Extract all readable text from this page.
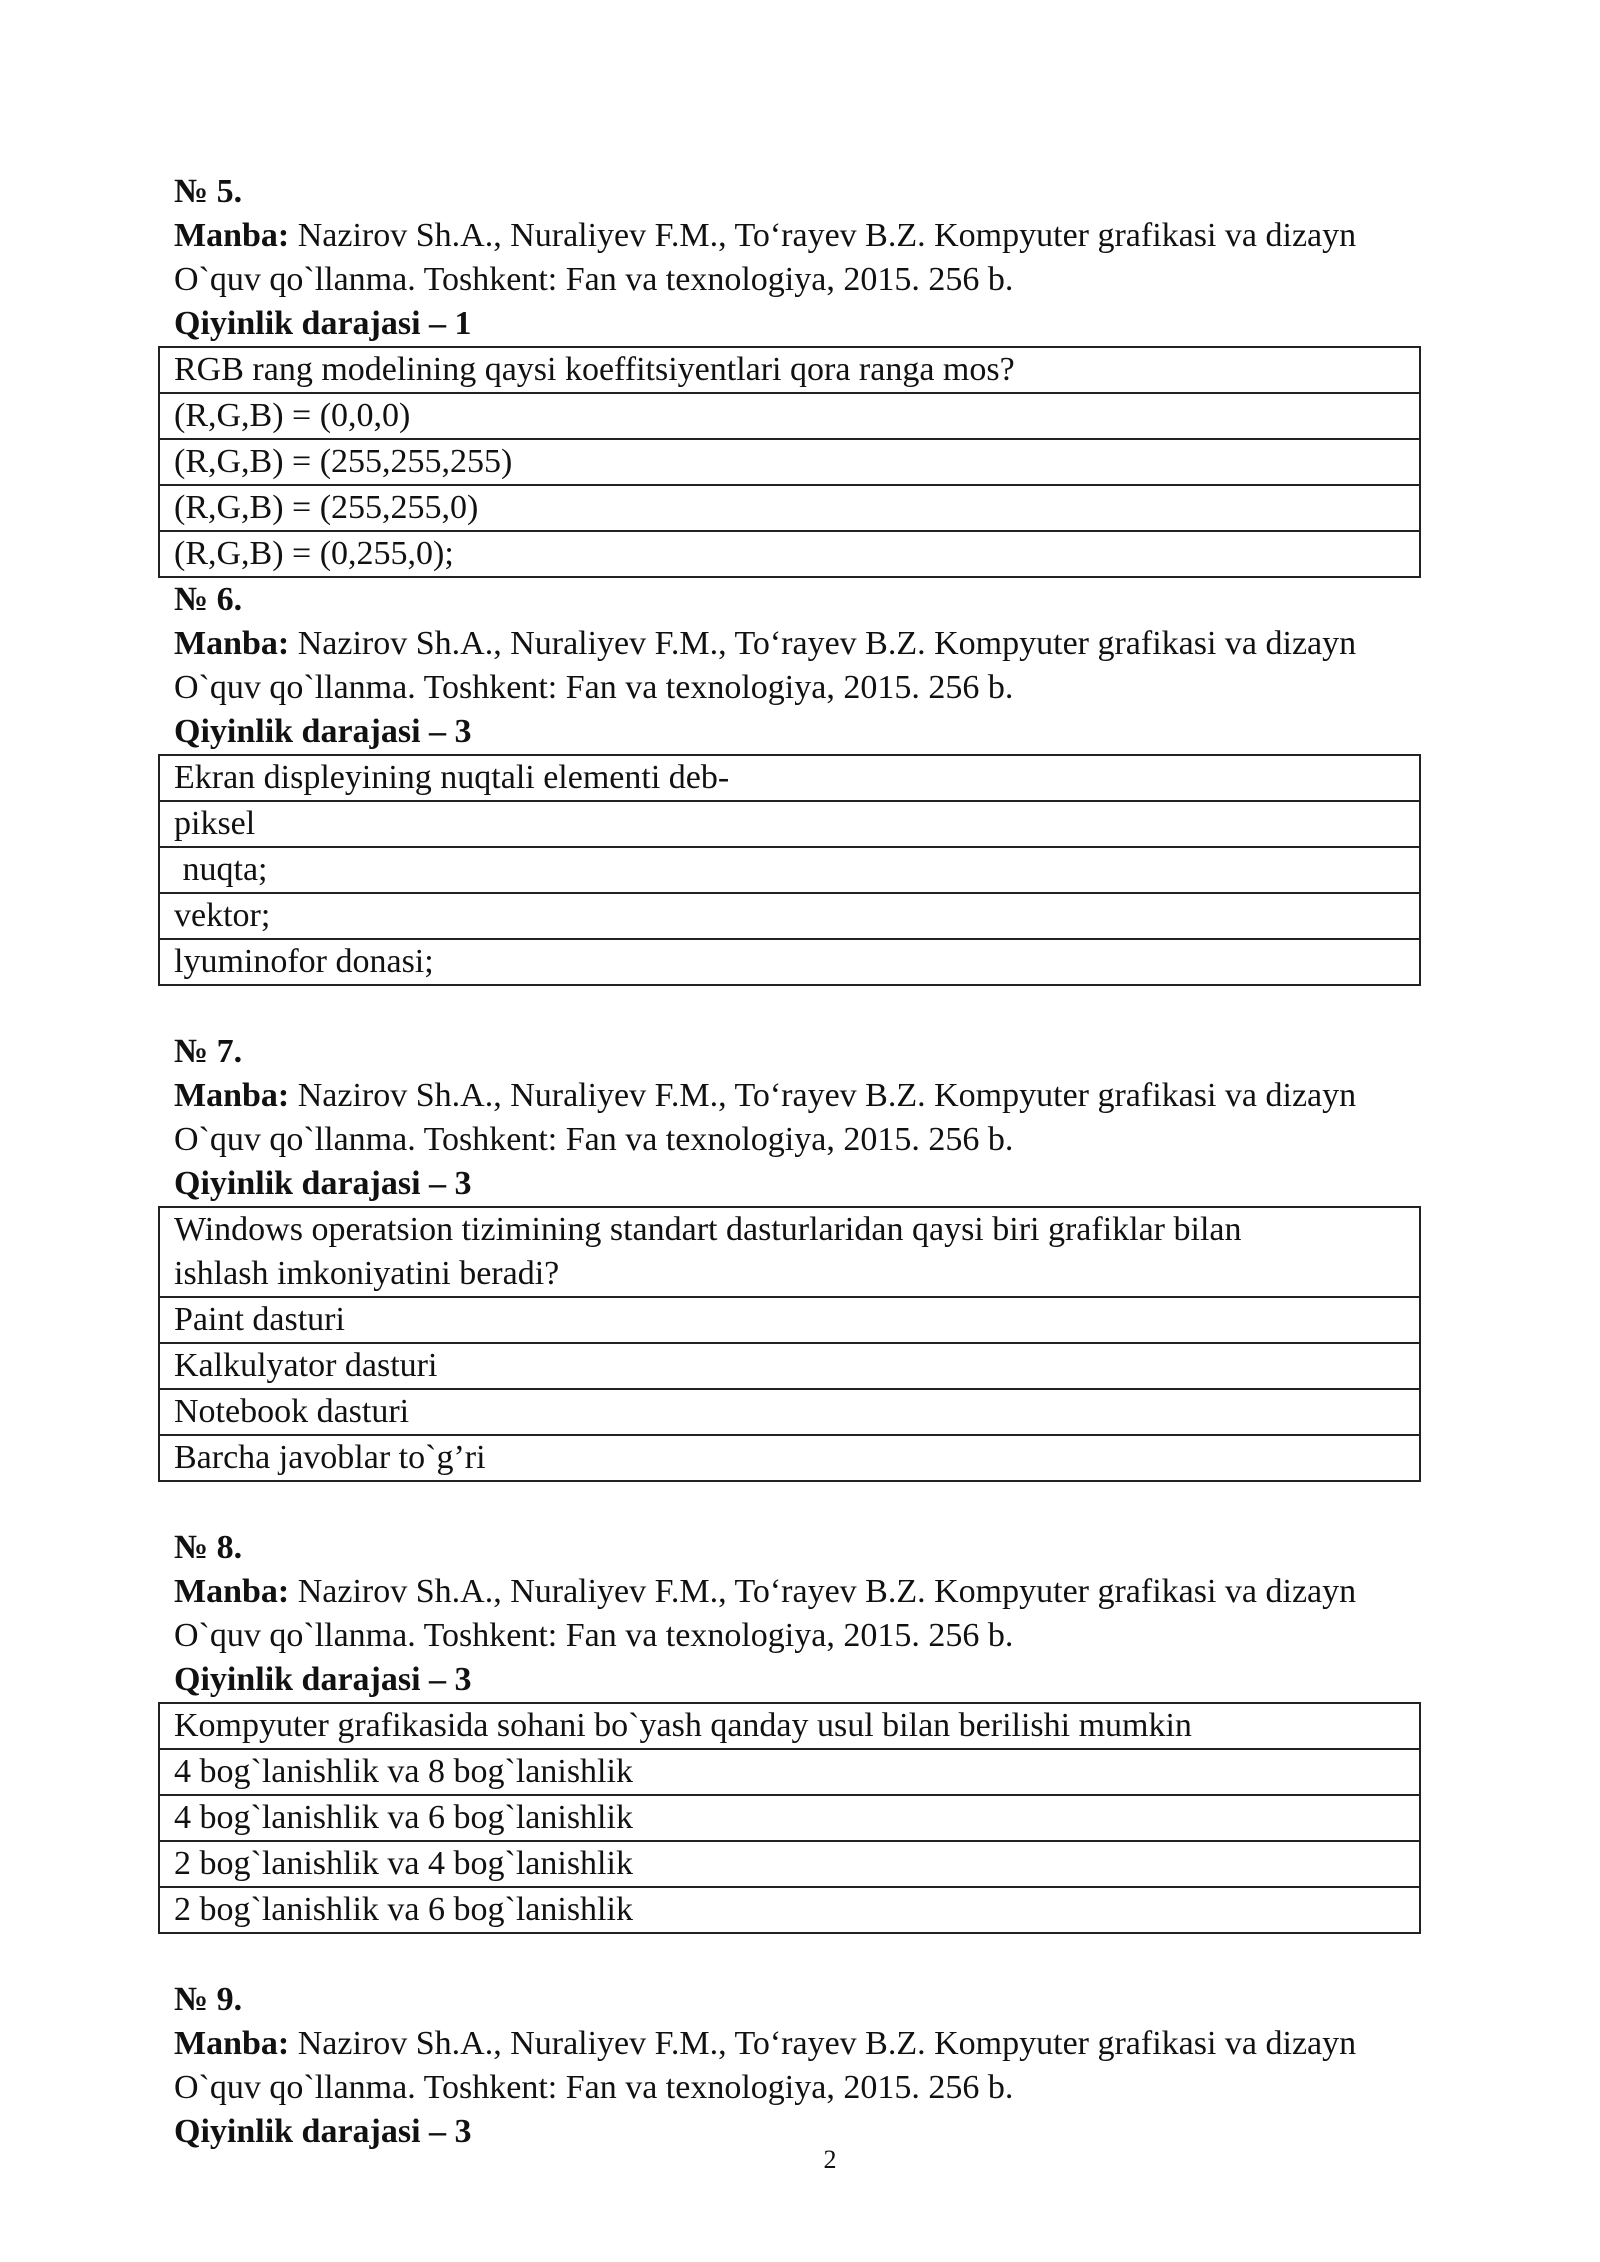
№ 5.
Manba: Nazirov Sh.A., Nuraliyev F.M., To‘rayev B.Z. Kompyuter grafikasi va dizayn
O`quv qo`llanma. Toshkent: Fan va texnologiya, 2015. 256 b.
Qiyinlik darajasi – 1
RGB rang modelining qaysi koeffitsiyentlari qora ranga mos?
(R,G,B) = (0,0,0)
(R,G,B) = (255,255,255)
(R,G,B) = (255,255,0)
(R,G,B) = (0,255,0);
№ 6.
Manba: Nazirov Sh.A., Nuraliyev F.M., To‘rayev B.Z. Kompyuter grafikasi va dizayn
O`quv qo`llanma. Toshkent: Fan va texnologiya, 2015. 256 b.
Qiyinlik darajasi – 3
Ekran displeyining nuqtali elementi deb-
piksel
nuqta;
vektor;
lyuminofor donasi;
№ 7.
Manba: Nazirov Sh.A., Nuraliyev F.M., To‘rayev B.Z. Kompyuter grafikasi va dizayn
O`quv qo`llanma. Toshkent: Fan va texnologiya, 2015. 256 b.
Qiyinlik darajasi – 3
Windows operatsion tizimining standart dasturlaridan qaysi biri grafiklar bilan
ishlash imkoniyatini beradi?

Paint dasturi
Kalkulyator dasturi
Notebook dasturi
Barcha javoblar to`g’ri
№ 8.
Manba: Nazirov Sh.A., Nuraliyev F.M., To‘rayev B.Z. Kompyuter grafikasi va dizayn
O`quv qo`llanma. Toshkent: Fan va texnologiya, 2015. 256 b.
Qiyinlik darajasi – 3
Kompyuter grafikasida sohani bo`yash qanday usul bilan berilishi mumkin
4 bog`lanishlik va 8 bog`lanishlik
4 bog`lanishlik va 6 bog`lanishlik
2 bog`lanishlik va 4 bog`lanishlik
2 bog`lanishlik va 6 bog`lanishlik
№ 9.
Manba: Nazirov Sh.A., Nuraliyev F.M., To‘rayev B.Z. Kompyuter grafikasi va dizayn
O`quv qo`llanma. Toshkent: Fan va texnologiya, 2015. 256 b.
Qiyinlik darajasi – 3
2
